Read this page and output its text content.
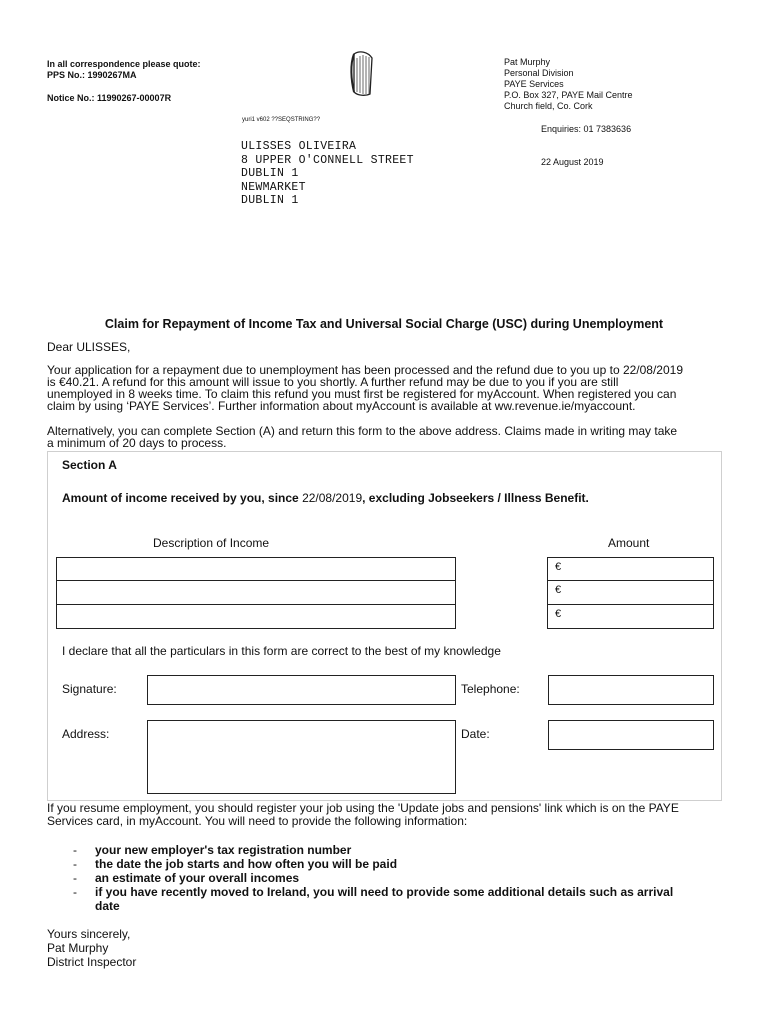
In all correspondence please quote:
PPS No.: 1990267MA
Notice No.: 11990267-00007R
Pat Murphy
Personal Division
PAYE Services
P.O. Box 327, PAYE Mail Centre
Church field, Co. Cork
yuri1 v602 ??SEQSTRING??
Enquiries: 01 7383636
22 August 2019
ULISSES OLIVEIRA
8 UPPER O'CONNELL STREET
DUBLIN 1
NEWMARKET
DUBLIN 1
Claim for Repayment of Income Tax and Universal Social Charge (USC) during Unemployment
Dear ULISSES,
Your application for a repayment due to unemployment has been processed and the refund due to you up to 22/08/2019
is €40.21. A refund for this amount will issue to you shortly. A further refund may be due to you if you are still
unemployed in 8 weeks time. To claim this refund you must first be registered for myAccount. When registered you can
claim by using ‘PAYE Services’. Further information about myAccount is available at ww.revenue.ie/myaccount.
Alternatively, you can complete Section (A) and return this form to the above address. Claims made in writing may take
a minimum of 20 days to process.
Section A
Amount of income received by you, since 22/08/2019, excluding Jobseekers / Illness Benefit.
Description of Income	Amount
€
€
€
I declare that all the particulars in this form are correct to the best of my knowledge
Signature:	Telephone:
Address:	Date:
If you resume employment, you should register your job using the 'Update jobs and pensions' link which is on the PAYE
Services card, in myAccount. You will need to provide the following information:
- your new employer's tax registration number
- the date the job starts and how often you will be paid
- an estimate of your overall incomes
- if you have recently moved to Ireland, you will need to provide some additional details such as arrival
date
Yours sincerely,
Pat Murphy
District Inspector
